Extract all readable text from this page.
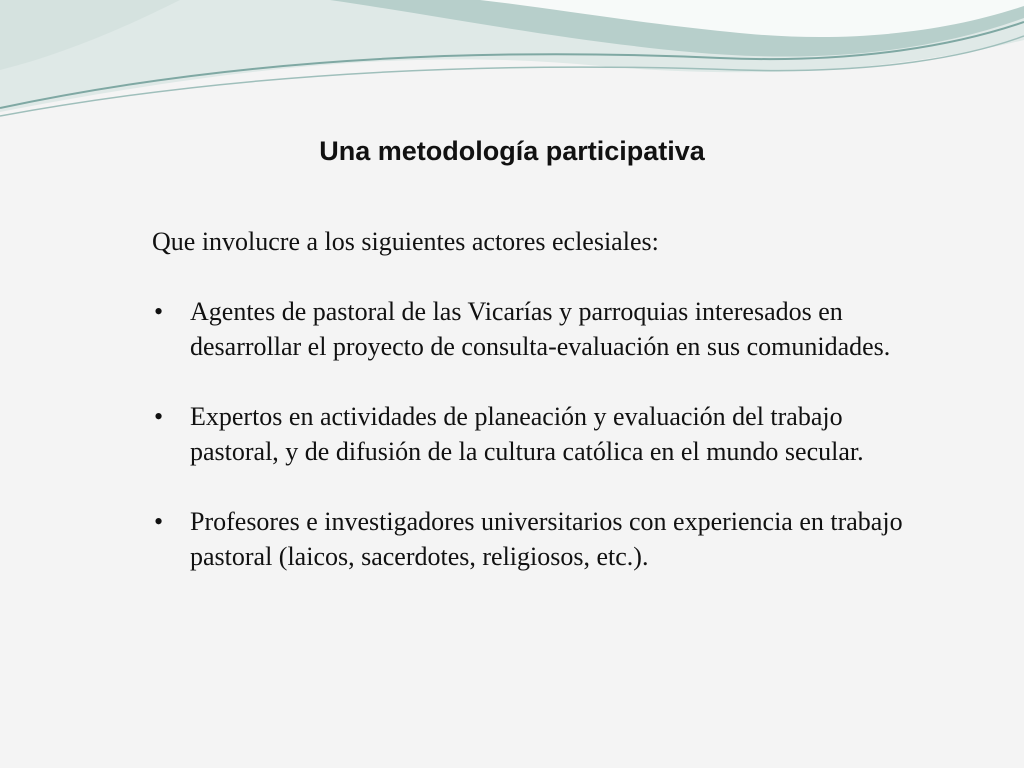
Una metodología participativa

Que involucre a los siguientes actores eclesiales:

• Agentes de pastoral de las Vicarías y parroquias interesados en desarrollar el proyecto de consulta-evaluación en sus comunidades.
• Expertos en actividades de planeación y evaluación del trabajo pastoral, y de difusión de la cultura católica en el mundo secular.
• Profesores e investigadores universitarios con experiencia en trabajo pastoral (laicos, sacerdotes, religiosos, etc.).
